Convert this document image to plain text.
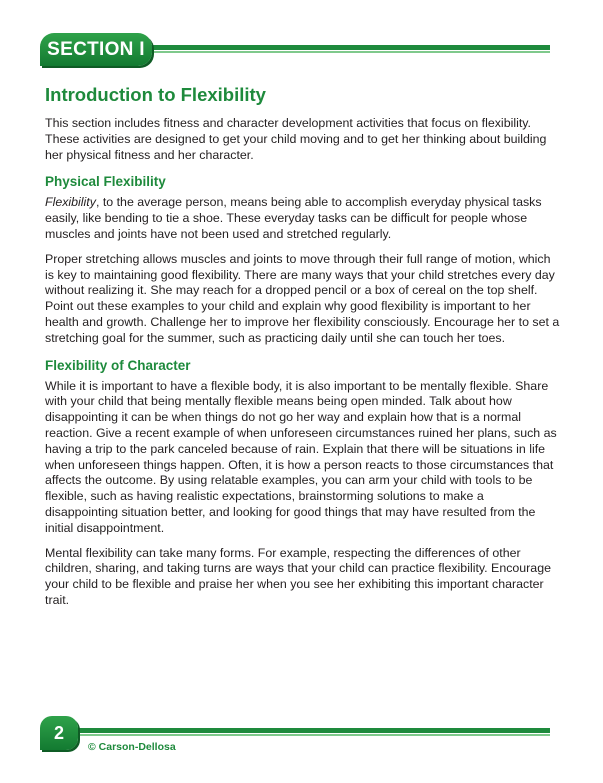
SECTION I
Introduction to Flexibility

This section includes fitness and character development activities that focus on flexibility. These activities are designed to get your child moving and to get her thinking about building her physical fitness and her character.

Physical Flexibility

Flexibility, to the average person, means being able to accomplish everyday physical tasks easily, like bending to tie a shoe. These everyday tasks can be difficult for people whose muscles and joints have not been used and stretched regularly.

Proper stretching allows muscles and joints to move through their full range of motion, which is key to maintaining good flexibility. There are many ways that your child stretches every day without realizing it. She may reach for a dropped pencil or a box of cereal on the top shelf. Point out these examples to your child and explain why good flexibility is important to her health and growth. Challenge her to improve her flexibility consciously. Encourage her to set a stretching goal for the summer, such as practicing daily until she can touch her toes.

Flexibility of Character

While it is important to have a flexible body, it is also important to be mentally flexible. Share with your child that being mentally flexible means being open minded. Talk about how disappointing it can be when things do not go her way and explain how that is a normal reaction. Give a recent example of when unforeseen circumstances ruined her plans, such as having a trip to the park canceled because of rain. Explain that there will be situations in life when unforeseen things happen. Often, it is how a person reacts to those circumstances that affects the outcome. By using relatable examples, you can arm your child with tools to be flexible, such as having realistic expectations, brainstorming solutions to make a disappointing situation better, and looking for good things that may have resulted from the initial disappointment.

Mental flexibility can take many forms. For example, respecting the differences of other children, sharing, and taking turns are ways that your child can practice flexibility. Encourage your child to be flexible and praise her when you see her exhibiting this important character trait.

2
© Carson-Dellosa
